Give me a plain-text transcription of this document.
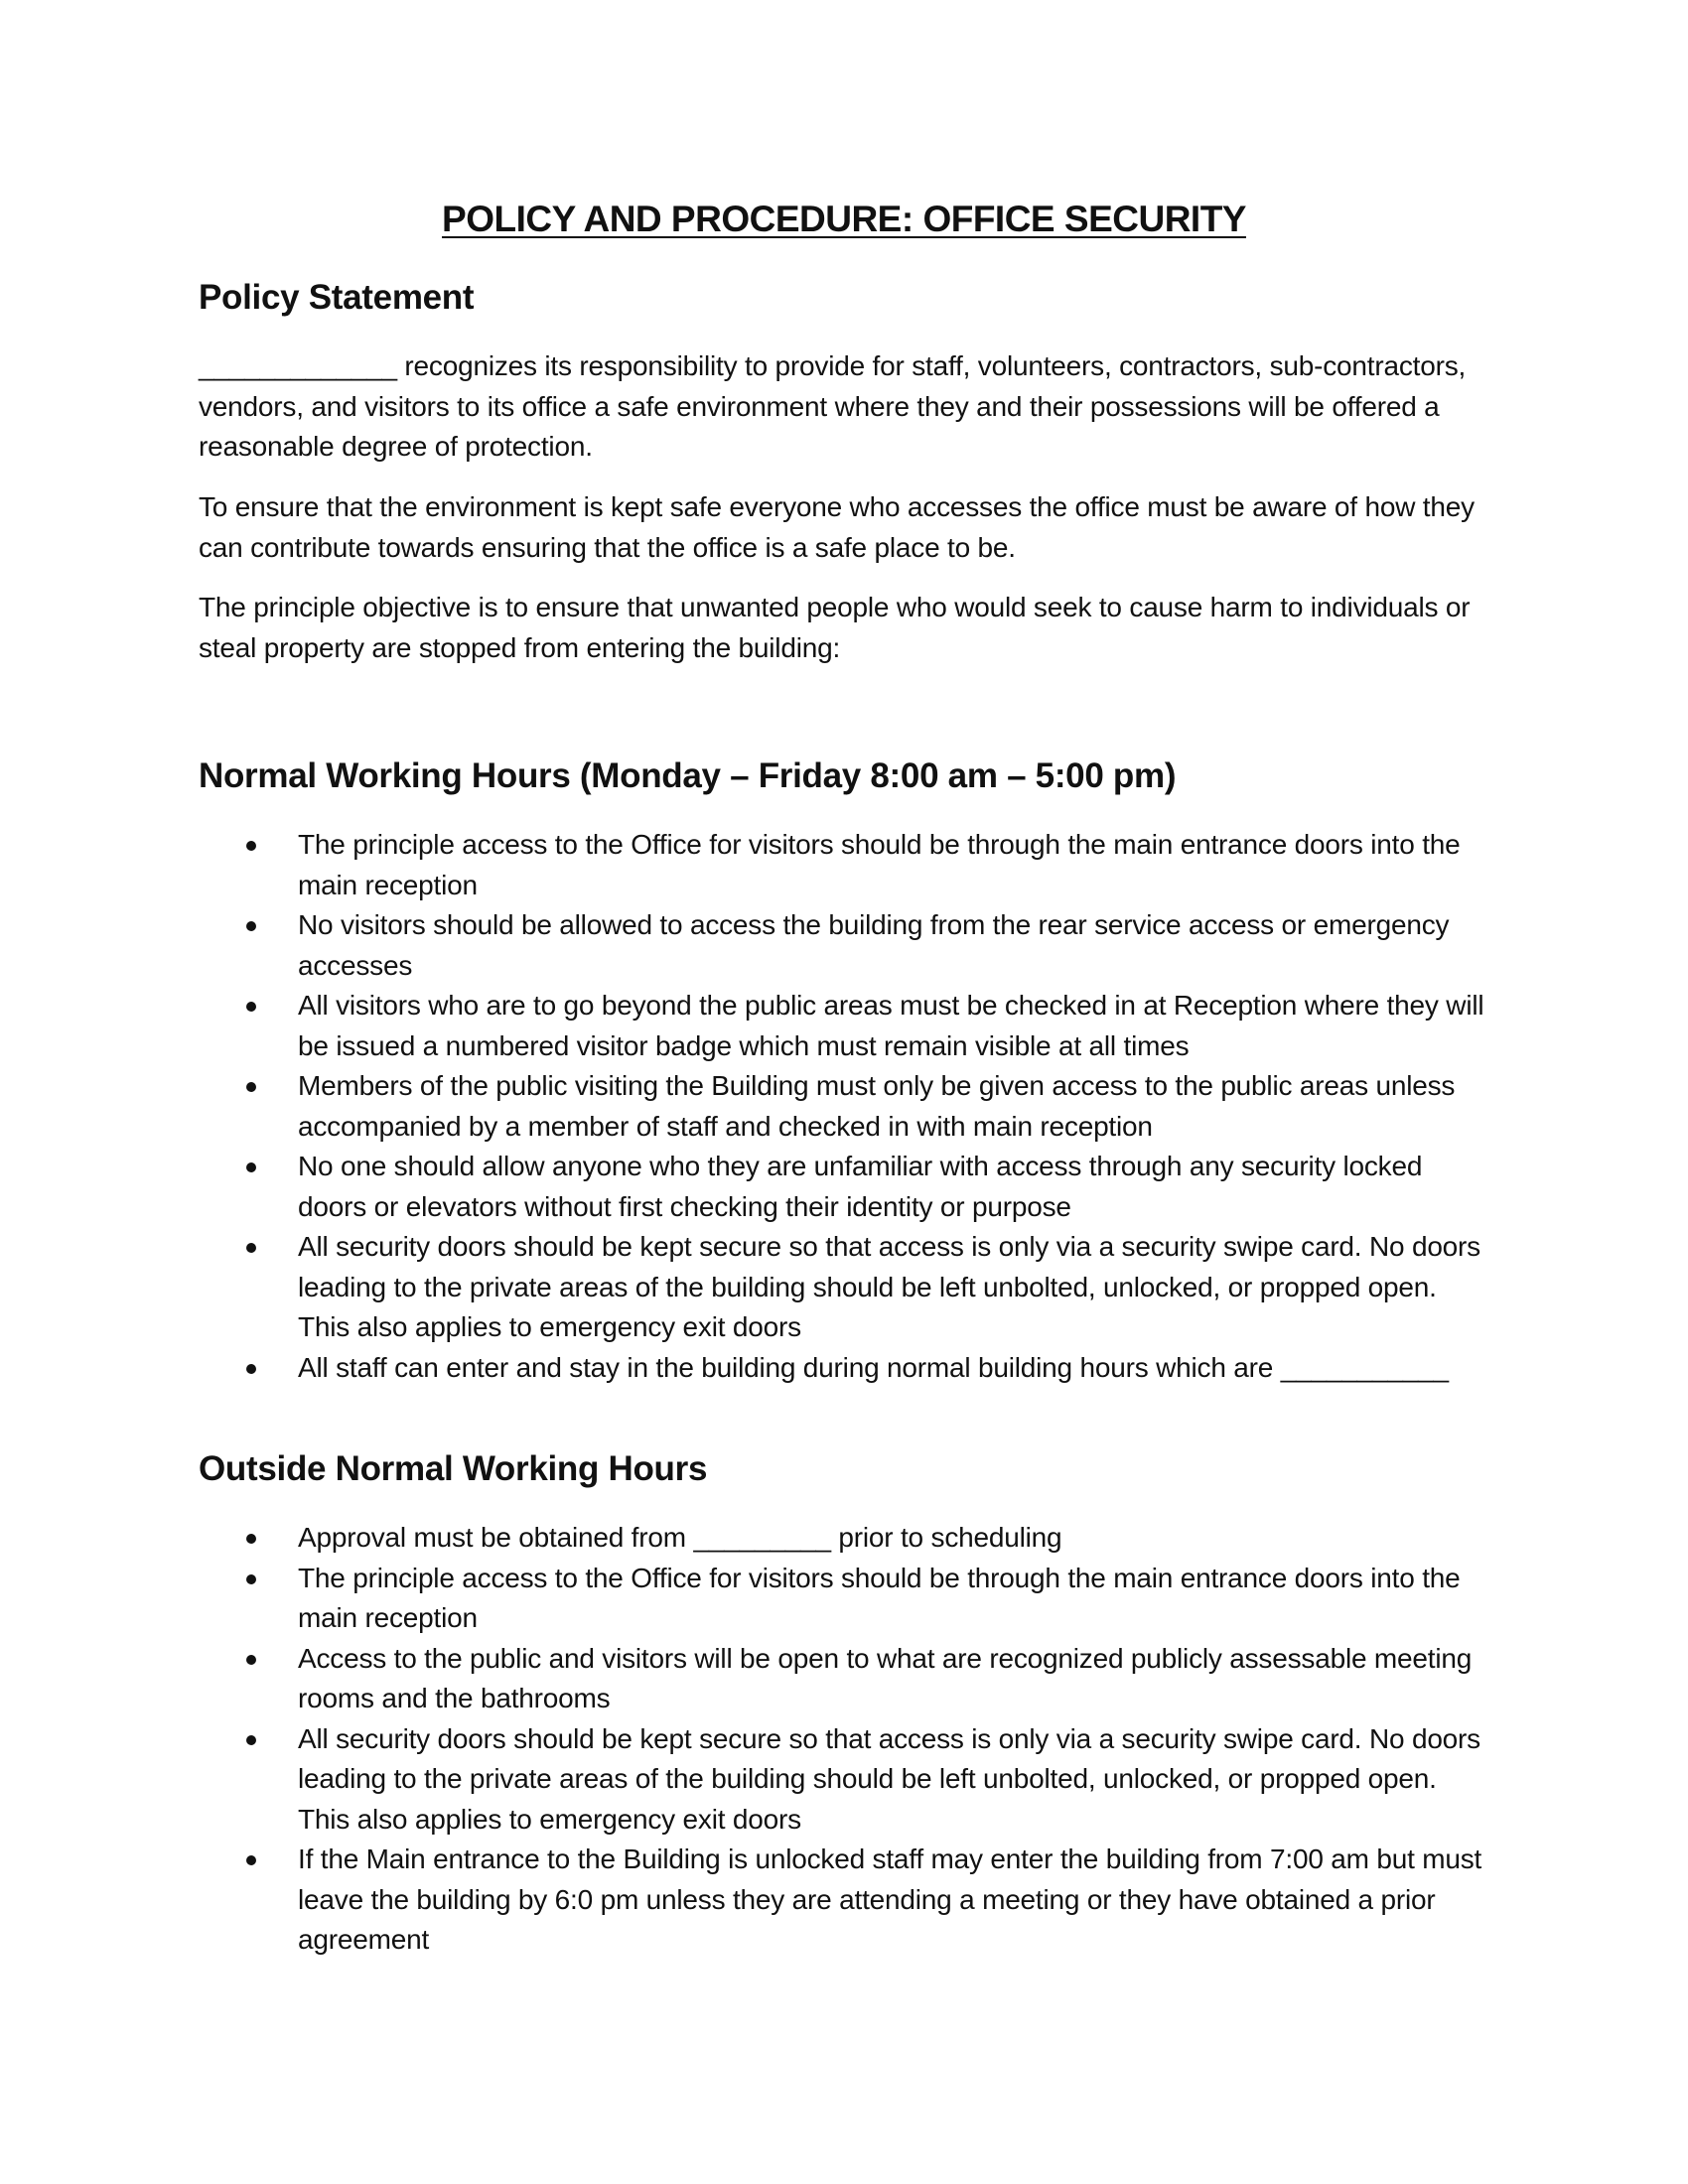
POLICY AND PROCEDURE: OFFICE SECURITY
Policy Statement

_____________ recognizes its responsibility to provide for staff, volunteers, contractors, sub-contractors, vendors, and visitors to its office a safe environment where they and their possessions will be offered a reasonable degree of protection.

To ensure that the environment is kept safe everyone who accesses the office must be aware of how they can contribute towards ensuring that the office is a safe place to be.

The principle objective is to ensure that unwanted people who would seek to cause harm to individuals or steal property are stopped from entering the building:

Normal Working Hours (Monday – Friday 8:00 am – 5:00 pm)
The principle access to the Office for visitors should be through the main entrance doors into the main reception
No visitors should be allowed to access the building from the rear service access or emergency accesses
All visitors who are to go beyond the public areas must be checked in at Reception where they will be issued a numbered visitor badge which must remain visible at all times
Members of the public visiting the Building must only be given access to the public areas unless accompanied by a member of staff and checked in with main reception
No one should allow anyone who they are unfamiliar with access through any security locked doors or elevators without first checking their identity or purpose
All security doors should be kept secure so that access is only via a security swipe card. No doors leading to the private areas of the building should be left unbolted, unlocked, or propped open. This also applies to emergency exit doors
All staff can enter and stay in the building during normal building hours which are ___________
Outside Normal Working Hours
Approval must be obtained from _________ prior to scheduling
The principle access to the Office for visitors should be through the main entrance doors into the main reception
Access to the public and visitors will be open to what are recognized publicly assessable meeting rooms and the bathrooms
All security doors should be kept secure so that access is only via a security swipe card. No doors leading to the private areas of the building should be left unbolted, unlocked, or propped open. This also applies to emergency exit doors
If the Main entrance to the Building is unlocked staff may enter the building from 7:00 am but must leave the building by 6:0 pm unless they are attending a meeting or they have obtained a prior agreement
